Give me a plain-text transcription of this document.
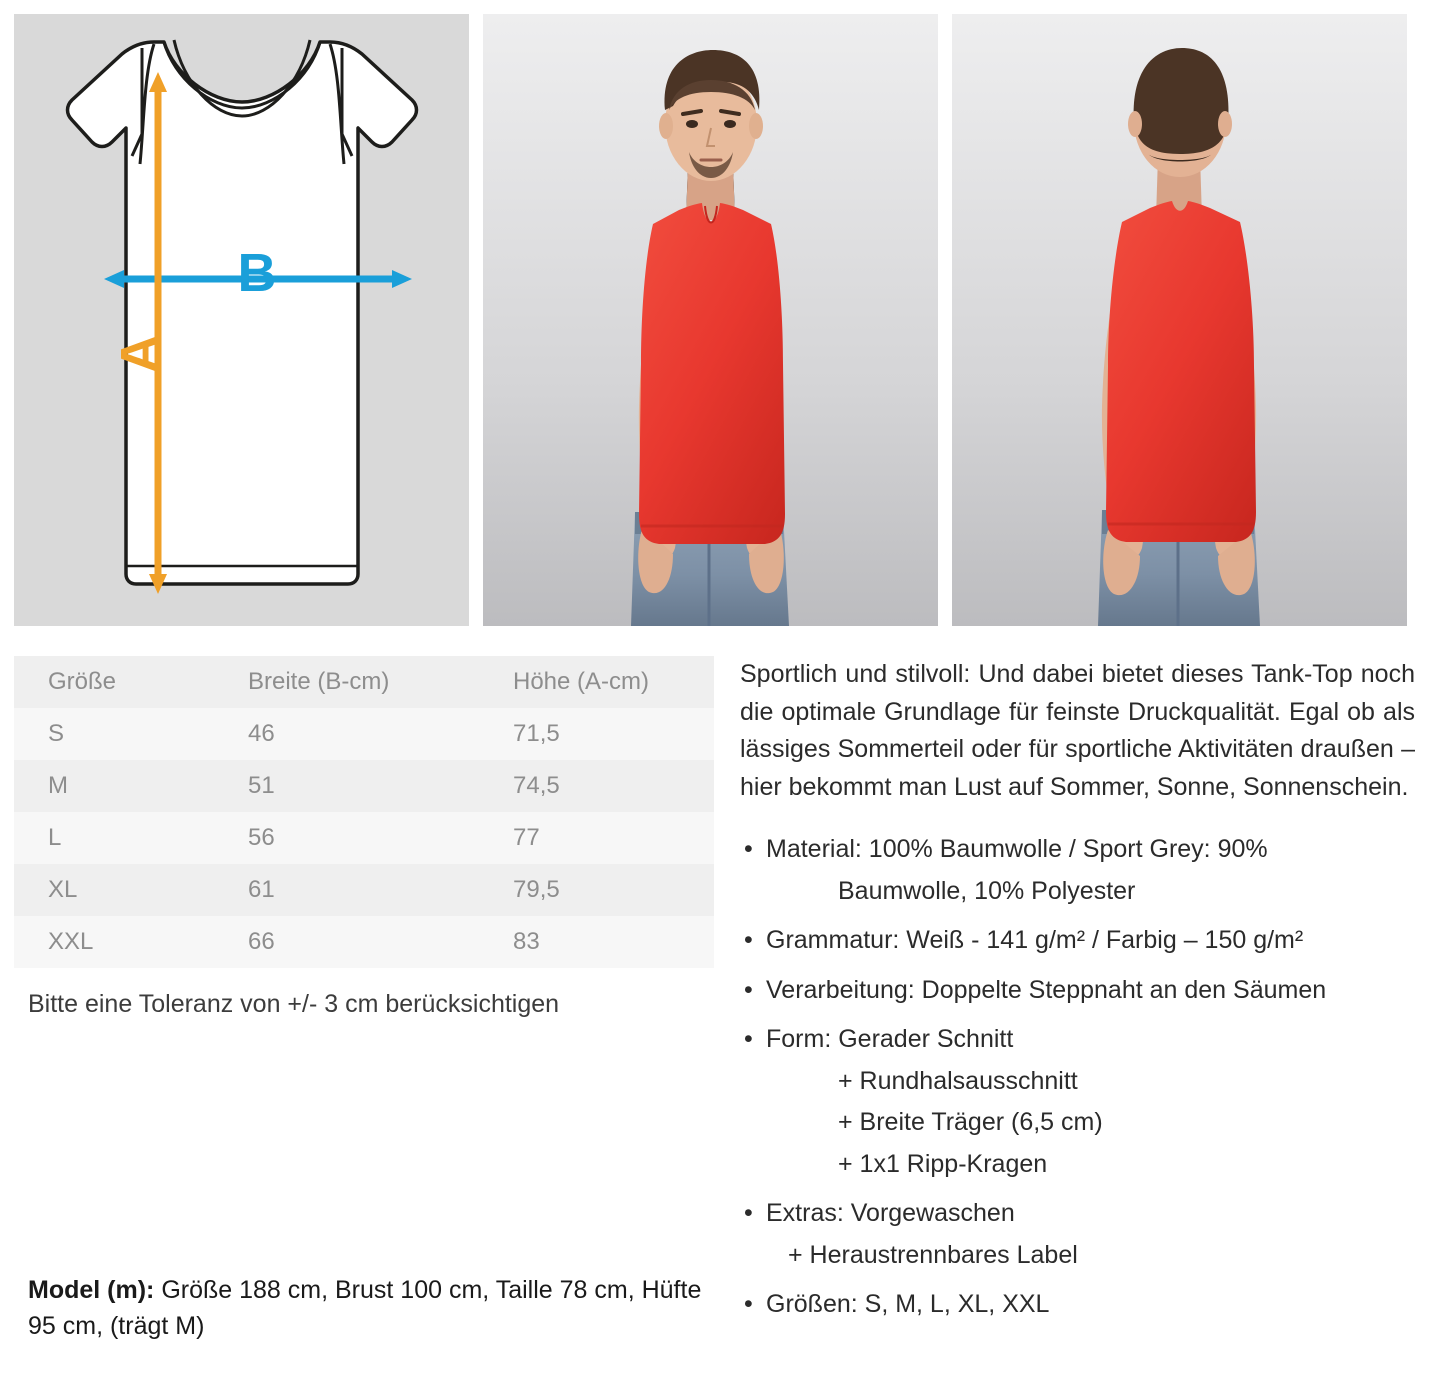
B
A
Größe	Breite (B-cm)	Höhe (A-cm)
S	46	71,5
M	51	74,5
L	56	77
XL	61	79,5
XXL	66	83
Bitte eine Toleranz von +/- 3 cm berücksichtigen

Sportlich und stilvoll: Und dabei bietet dieses Tank-Top noch die optimale Grundlage für feinste Druckqualität. Egal ob als lässiges Sommerteil oder für sportliche Aktivitäten draußen – hier bekommt man Lust auf Sommer, Sonne, Sonnenschein.

• Material: 100% Baumwolle / Sport Grey: 90%
Baumwolle, 10% Polyester
• Grammatur: Weiß - 141 g/m² / Farbig – 150 g/m²
• Verarbeitung: Doppelte Steppnaht an den Säumen
• Form: Gerader Schnitt
+ Rundhalsausschnitt
+ Breite Träger (6,5 cm)
+ 1x1 Ripp-Kragen
• Extras: Vorgewaschen
+ Heraustrennbares Label
• Größen: S, M, L, XL, XXL
Model (m): Größe 188 cm, Brust 100 cm, Taille 78 cm, Hüfte 95 cm, (trägt M)
